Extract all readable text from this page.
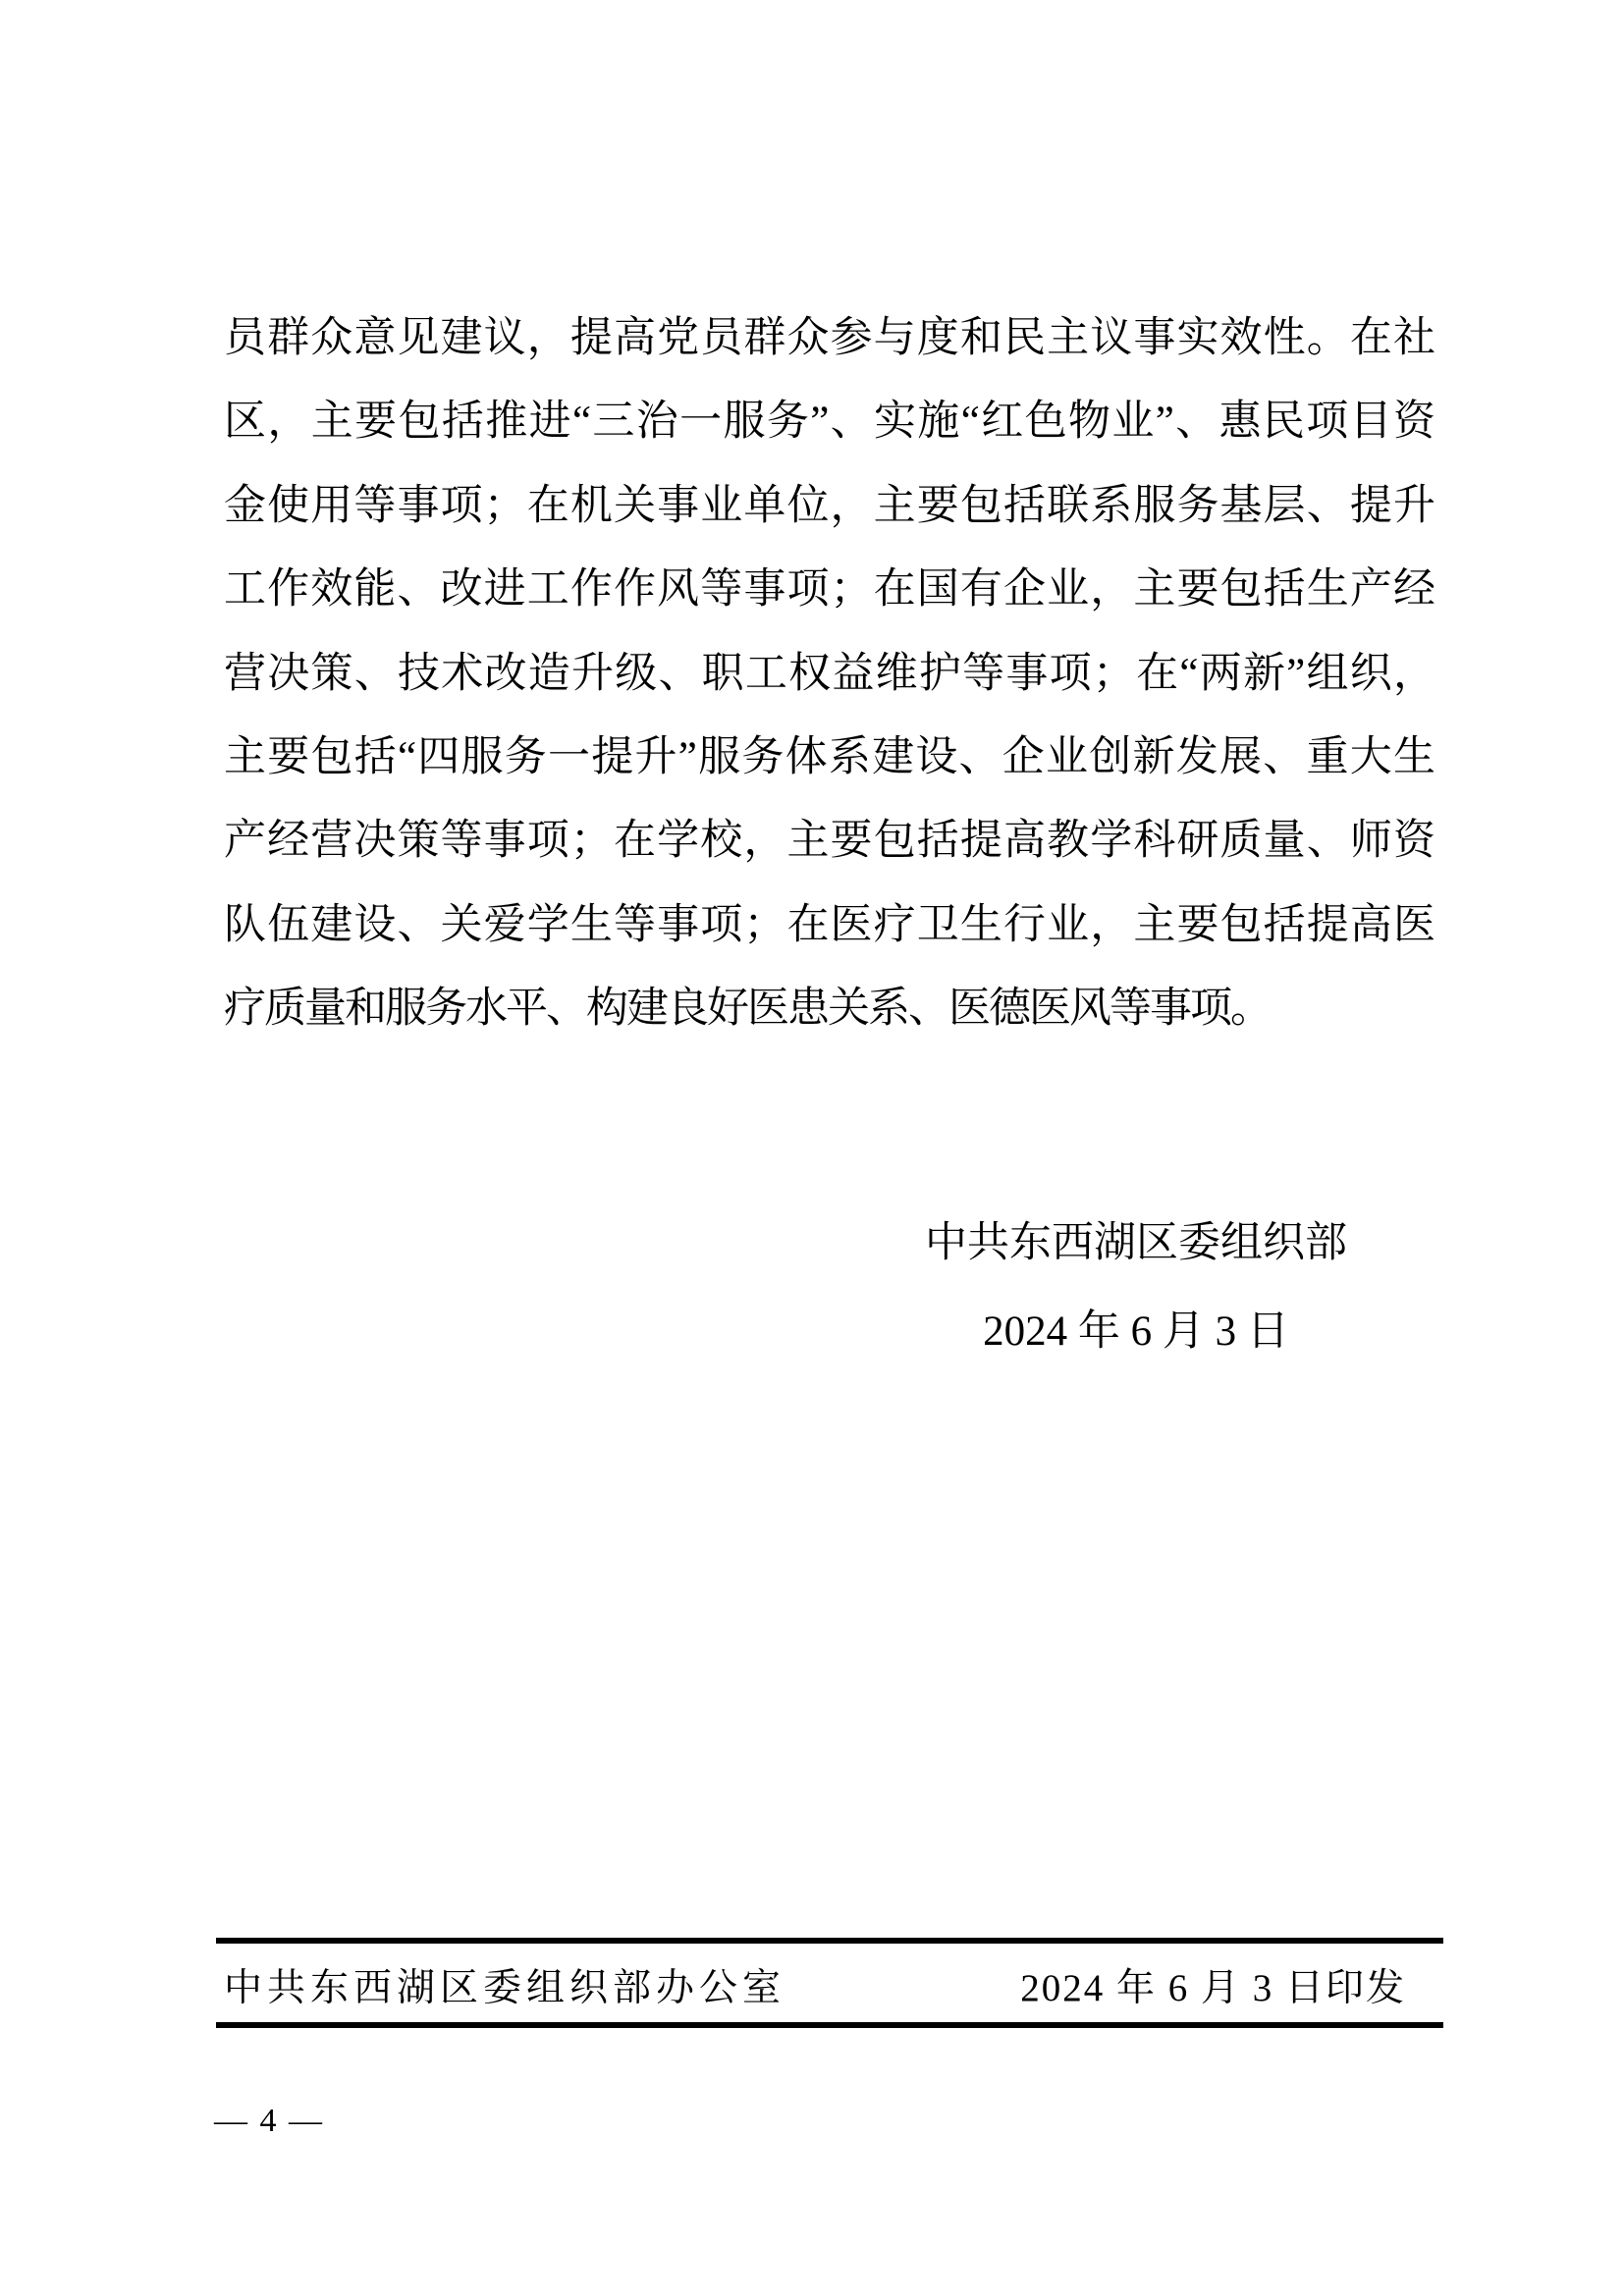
员群众意见建议，提高党员群众参与度和民主议事实效性。在社
区，主要包括推进“三治一服务”、实施“红色物业”、惠民项目资
金使用等事项；在机关事业单位，主要包括联系服务基层、提升
工作效能、改进工作作风等事项；在国有企业，主要包括生产经
营决策、技术改造升级、职工权益维护等事项；在“两新”组织，
主要包括“四服务一提升”服务体系建设、企业创新发展、重大生
产经营决策等事项；在学校，主要包括提高教学科研质量、师资
队伍建设、关爱学生等事项；在医疗卫生行业，主要包括提高医
疗质量和服务水平、构建良好医患关系、医德医风等事项。
中共东西湖区委组织部
2024 年 6 月 3 日
中共东西湖区委组织部办公室	2024 年 6 月 3 日印发
— 4 —
